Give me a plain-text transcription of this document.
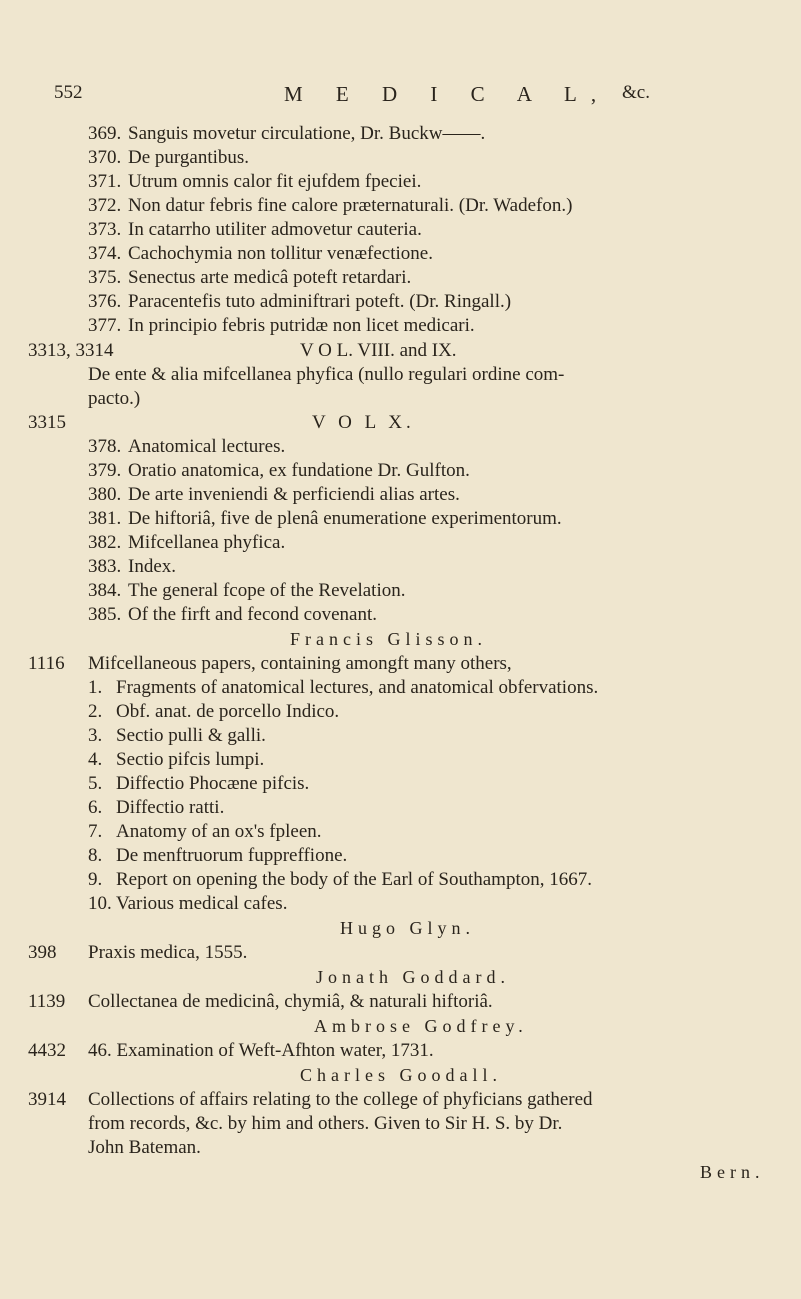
552	M E D I C A L, &c.
369. Sanguis movetur circulatione, Dr. Buckw——.
370. De purgantibus.
371. Utrum omnis calor fit ejufdem fpeciei.
372. Non datur febris fine calore præternaturali. (Dr. Wadefon.)
373. In catarrho utiliter admovetur cauteria.
374. Cachochymia non tollitur venæfectione.
375. Senectus arte medicâ poteft retardari.
376. Paracentefis tuto adminiftrari poteft. (Dr. Ringall.)
377. In principio febris putridæ non licet medicari.
3313, 3314	V O L. VIII. and IX.
De ente & alia mifcellanea phyfica (nullo regulari ordine com-
pacto.)
3315	V O L X.
378. Anatomical lectures.
379. Oratio anatomica, ex fundatione Dr. Gulfton.
380. De arte inveniendi & perficiendi alias artes.
381. De hiftoriâ, five de plenâ enumeratione experimentorum.
382. Mifcellanea phyfica.
383. Index.
384. The general fcope of the Revelation.
385. Of the firft and fecond covenant.
Francis Glisson.
1116 Mifcellaneous papers, containing amongft many others,
1. Fragments of anatomical lectures, and anatomical obfervations.
2. Obf. anat. de porcello Indico.
3. Sectio pulli & galli.
4. Sectio pifcis lumpi.
5. Diffectio Phocæne pifcis.
6. Diffectio ratti.
7. Anatomy of an ox's fpleen.
8. De menftruorum fuppreffione.
9. Report on opening the body of the Earl of Southampton, 1667.
10. Various medical cafes.
Hugo Glyn.
398 Praxis medica, 1555.
Jonath Goddard.
1139 Collectanea de medicinâ, chymiâ, & naturali hiftoriâ.
Ambrose Godfrey.
4432 46. Examination of Weft-Afhton water, 1731.
Charles Goodall.
3914 Collections of affairs relating to the college of phyficians gathered
from records, &c. by him and others. Given to Sir H. S. by Dr.
John Bateman.
Bern.
